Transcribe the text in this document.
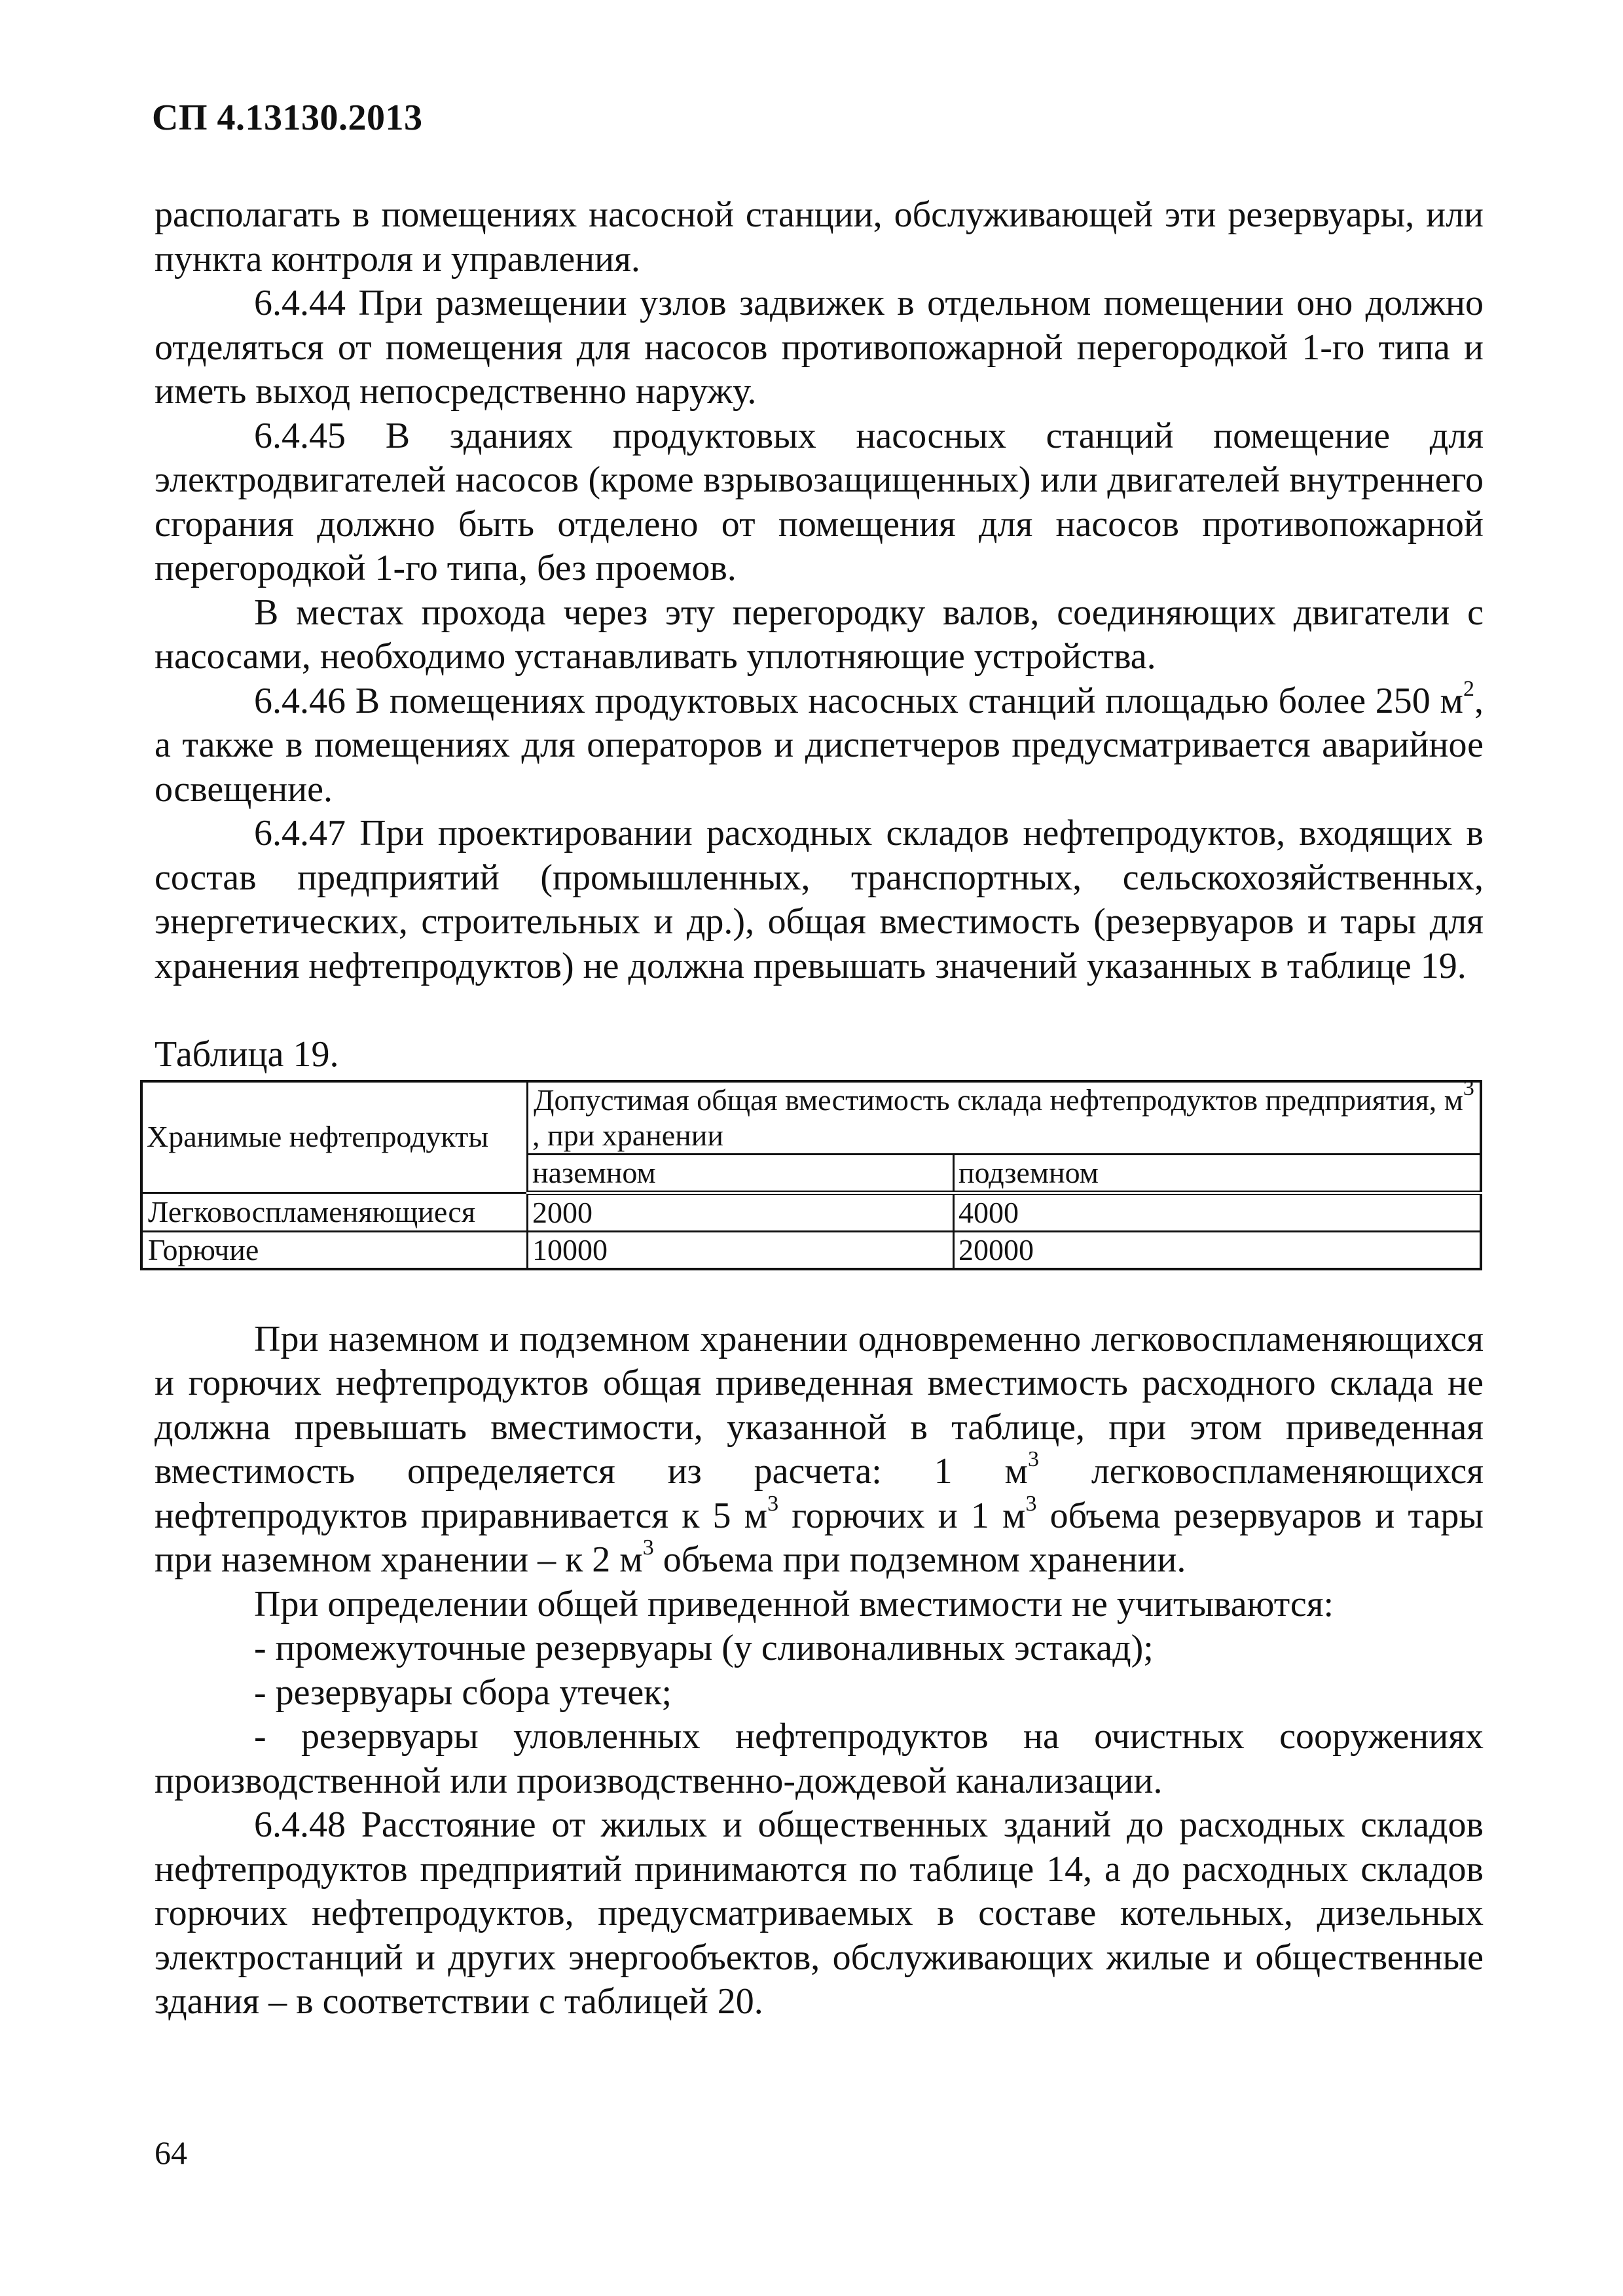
СП 4.13130.2013

располагать в помещениях насосной станции, обслуживающей эти резервуары, или пункта контроля и управления.

6.4.44 При размещении узлов задвижек в отдельном помещении оно должно отделяться от помещения для насосов противопожарной перегородкой 1-го типа и иметь выход непосредственно наружу.

6.4.45 В зданиях продуктовых насосных станций помещение для электродвигателей насосов (кроме взрывозащищенных) или двигателей внутреннего сгорания должно быть отделено от помещения для насосов противопожарной перегородкой 1-го типа, без проемов.

В местах прохода через эту перегородку валов, соединяющих двигатели с насосами, необходимо устанавливать уплотняющие устройства.

6.4.46 В помещениях продуктовых насосных станций площадью более 250 $м^2$, а также в помещениях для операторов и диспетчеров предусматривается аварийное освещение.

6.4.47 При проектировании расходных складов нефтепродуктов, входящих в состав предприятий (промышленных, транспортных, сельскохозяйственных, энергетических, строительных и др.), общая вместимость (резервуаров и тары для хранения нефтепродуктов) не должна превышать значений указанных в таблице 19.

Таблица 19.

Хранимые нефтепродукты	Допустимая общая вместимость склада нефтепродуктов предприятия, $м^3$ , при хранении	
	наземном	подземном
Легковоспламеняющиеся	2000	4000
Горючие	10000	20000

При наземном и подземном хранении одновременно легковоспламеняющихся и горючих нефтепродуктов общая приведенная вместимость расходного склада не должна превышать вместимости, указанной в таблице, при этом приведенная вместимость определяется из расчета: 1 $м^3$ легковоспламеняющихся нефтепродуктов приравнивается к 5 $м^3$ горючих и 1 $м^3$ объема резервуаров и тары при наземном хранении – к 2 $м^3$ объема при подземном хранении.

При определении общей приведенной вместимости не учитываются:

- промежуточные резервуары (у сливоналивных эстакад);

- резервуары сбора утечек;

- резервуары уловленных нефтепродуктов на очистных сооружениях производственной или производственно-дождевой канализации.

6.4.48 Расстояние от жилых и общественных зданий до расходных складов нефтепродуктов предприятий принимаются по таблице 14, а до расходных складов горючих нефтепродуктов, предусматриваемых в составе котельных, дизельных электростанций и других энергообъектов, обслуживающих жилые и общественные здания – в соответствии с таблицей 20.

64
